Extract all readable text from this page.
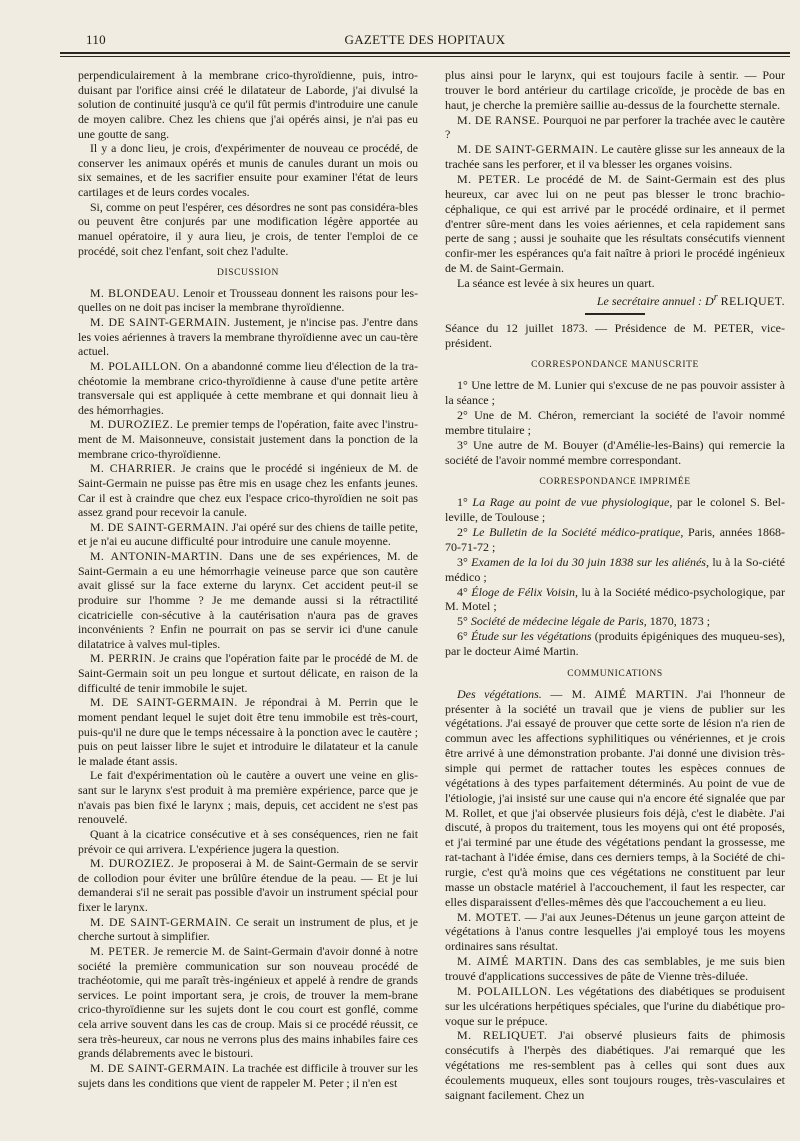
110	GAZETTE DES HOPITAUX

perpendiculairement à la membrane crico-thyroïdienne, puis, intro-duisant par l'orifice ainsi créé le dilatateur de Laborde, j'ai divulsé la solution de continuité jusqu'à ce qu'il fût permis d'introduire une canule de moyen calibre. Chez les chiens que j'ai opérés ainsi, je n'ai pas eu une goutte de sang.

Il y a donc lieu, je crois, d'expérimenter de nouveau ce procédé, de conserver les animaux opérés et munis de canules durant un mois ou six semaines, et de les sacrifier ensuite pour examiner l'état de leurs cartilages et de leurs cordes vocales.

Si, comme on peut l'espérer, ces désordres ne sont pas considéra-bles ou peuvent être conjurés par une modification légère apportée au manuel opératoire, il y aura lieu, je crois, de tenter l'emploi de ce procédé, soit chez l'enfant, soit chez l'adulte.

DISCUSSION

M. BLONDEAU. Lenoir et Trousseau donnent les raisons pour les-quelles on ne doit pas inciser la membrane thyroïdienne.

M. DE SAINT-GERMAIN. Justement, je n'incise pas. J'entre dans les voies aériennes à travers la membrane thyroïdienne avec un cau-tère actuel.

M. POLAILLON. On a abandonné comme lieu d'élection de la tra-chéotomie la membrane crico-thyroïdienne à cause d'une petite artère transversale qui est appliquée à cette membrane et qui donnait lieu à des hémorrhagies.

M. DUROZIEZ. Le premier temps de l'opération, faite avec l'instru-ment de M. Maisonneuve, consistait justement dans la ponction de la membrane crico-thyroïdienne.

M. CHARRIER. Je crains que le procédé si ingénieux de M. de Saint-Germain ne puisse pas être mis en usage chez les enfants jeunes. Car il est à craindre que chez eux l'espace crico-thyroïdien ne soit pas assez grand pour recevoir la canule.

M. DE SAINT-GERMAIN. J'ai opéré sur des chiens de taille petite, et je n'ai eu aucune difficulté pour introduire une canule moyenne.

M. ANTONIN-MARTIN. Dans une de ses expériences, M. de Saint-Germain a eu une hémorrhagie veineuse parce que son cautère avait glissé sur la face externe du larynx. Cet accident peut-il se produire sur l'homme ? Je me demande aussi si la rétractilité cicatricielle con-sécutive à la cautérisation n'aura pas de graves inconvénients ? Enfin ne pourrait on pas se servir ici d'une canule dilatatrice à valves mul-tiples.

M. PERRIN. Je crains que l'opération faite par le procédé de M. de Saint-Germain soit un peu longue et surtout délicate, en raison de la difficulté de tenir immobile le sujet.

M. DE SAINT-GERMAIN. Je répondrai à M. Perrin que le moment pendant lequel le sujet doit être tenu immobile est très-court, puis-qu'il ne dure que le temps nécessaire à la ponction avec le cautère ; puis on peut laisser libre le sujet et introduire le dilatateur et la canule le malade étant assis.

Le fait d'expérimentation où le cautère a ouvert une veine en glis-sant sur le larynx s'est produit à ma première expérience, parce que je n'avais pas bien fixé le larynx ; mais, depuis, cet accident ne s'est pas renouvelé.

Quant à la cicatrice consécutive et à ses conséquences, rien ne fait prévoir ce qui arrivera. L'expérience jugera la question.

M. DUROZIEZ. Je proposerai à M. de Saint-Germain de se servir de collodion pour éviter une brûlûre étendue de la peau. — Et je lui demanderai s'il ne serait pas possible d'avoir un instrument spécial pour fixer le larynx.

M. DE SAINT-GERMAIN. Ce serait un instrument de plus, et je cherche surtout à simplifier.

M. PETER. Je remercie M. de Saint-Germain d'avoir donné à notre société la première communication sur son nouveau procédé de trachéotomie, qui me paraît très-ingénieux et appelé à rendre de grands services. Le point important sera, je crois, de trouver la mem-brane crico-thyroïdienne sur les sujets dont le cou court est gonflé, comme cela arrive souvent dans les cas de croup. Mais si ce procédé réussit, ce sera très-heureux, car nous ne verrons plus des mains inhabiles faire ces grands délabrements avec le bistouri.

M. DE SAINT-GERMAIN. La trachée est difficile à trouver sur les sujets dans les conditions que vient de rappeler M. Peter ; il n'en est

plus ainsi pour le larynx, qui est toujours facile à sentir. — Pour trouver le bord antérieur du cartilage cricoïde, je procède de bas en haut, je cherche la première saillie au-dessus de la fourchette sternale.

M. DE RANSE. Pourquoi ne par perforer la trachée avec le cautère ?

M. DE SAINT-GERMAIN. Le cautère glisse sur les anneaux de la trachée sans les perforer, et il va blesser les organes voisins.

M. PETER. Le procédé de M. de Saint-Germain est des plus heureux, car avec lui on ne peut pas blesser le tronc brachio-céphalique, ce qui est arrivé par le procédé ordinaire, et il permet d'entrer sûre-ment dans les voies aériennes, et cela rapidement sans perte de sang ; aussi je souhaite que les résultats consécutifs viennent confir-mer les espérances qu'a fait naître à priori le procédé ingénieux de M. de Saint-Germain.

La séance est levée à six heures un quart.

Le secrétaire annuel : $D^r$ RELIQUET.

Séance du 12 juillet 1873. — Présidence de M. PETER, vice-président.

CORRESPONDANCE MANUSCRITE

1° Une lettre de M. Lunier qui s'excuse de ne pas pouvoir assister à la séance ;

2° Une de M. Chéron, remerciant la société de l'avoir nommé membre titulaire ;

3° Une autre de M. Bouyer (d'Amélie-les-Bains) qui remercie la société de l'avoir nommé membre correspondant.

CORRESPONDANCE IMPRIMÉE

1° La Rage au point de vue physiologique, par le colonel S. Bel-leville, de Toulouse ;

2° Le Bulletin de la Société médico-pratique, Paris, années 1868-70-71-72 ;

3° Examen de la loi du 30 juin 1838 sur les aliénés, lu à la So-ciété médico ;

4° Éloge de Félix Voisin, lu à la Société médico-psychologique, par M. Motel ;

5° Société de médecine légale de Paris, 1870, 1873 ;

6° Étude sur les végétations (produits épigéniques des muqueu-ses), par le docteur Aimé Martin.

COMMUNICATIONS

Des végétations. — M. AIMÉ MARTIN. J'ai l'honneur de présenter à la société un travail que je viens de publier sur les végétations. J'ai essayé de prouver que cette sorte de lésion n'a rien de commun avec les affections syphilitiques ou vénériennes, et je crois être arrivé à une démonstration probante. J'ai donné une division très-simple qui permet de rattacher toutes les espèces connues de végétations à des types parfaitement déterminés. Au point de vue de l'étiologie, j'ai insisté sur une cause qui n'a encore été signalée que par M. Rollet, et que j'ai observée plusieurs fois déjà, c'est le diabète. J'ai discuté, à propos du traitement, tous les moyens qui ont été proposés, et j'ai terminé par une étude des végétations pendant la grossesse, me rat-tachant à l'idée émise, dans ces derniers temps, à la Société de chi-rurgie, c'est qu'à moins que ces végétations ne constituent par leur masse un obstacle matériel à l'accouchement, il faut les respecter, car elles disparaissent d'elles-mêmes dès que l'accouchement a eu lieu.

M. MOTET. — J'ai aux Jeunes-Détenus un jeune garçon atteint de végétations à l'anus contre lesquelles j'ai employé tous les moyens ordinaires sans résultat.

M. AIMÉ MARTIN. Dans des cas semblables, je me suis bien trouvé d'applications successives de pâte de Vienne très-diluée.

M. POLAILLON. Les végétations des diabétiques se produisent sur les ulcérations herpétiques spéciales, que l'urine du diabétique pro-voque sur le prépuce.

M. RELIQUET. J'ai observé plusieurs faits de phimosis consécutifs à l'herpès des diabétiques. J'ai remarqué que les végétations me res-semblent pas à celles qui sont dues aux écoulements muqueux, elles sont toujours rouges, très-vasculaires et saignant facilement. Chez un
